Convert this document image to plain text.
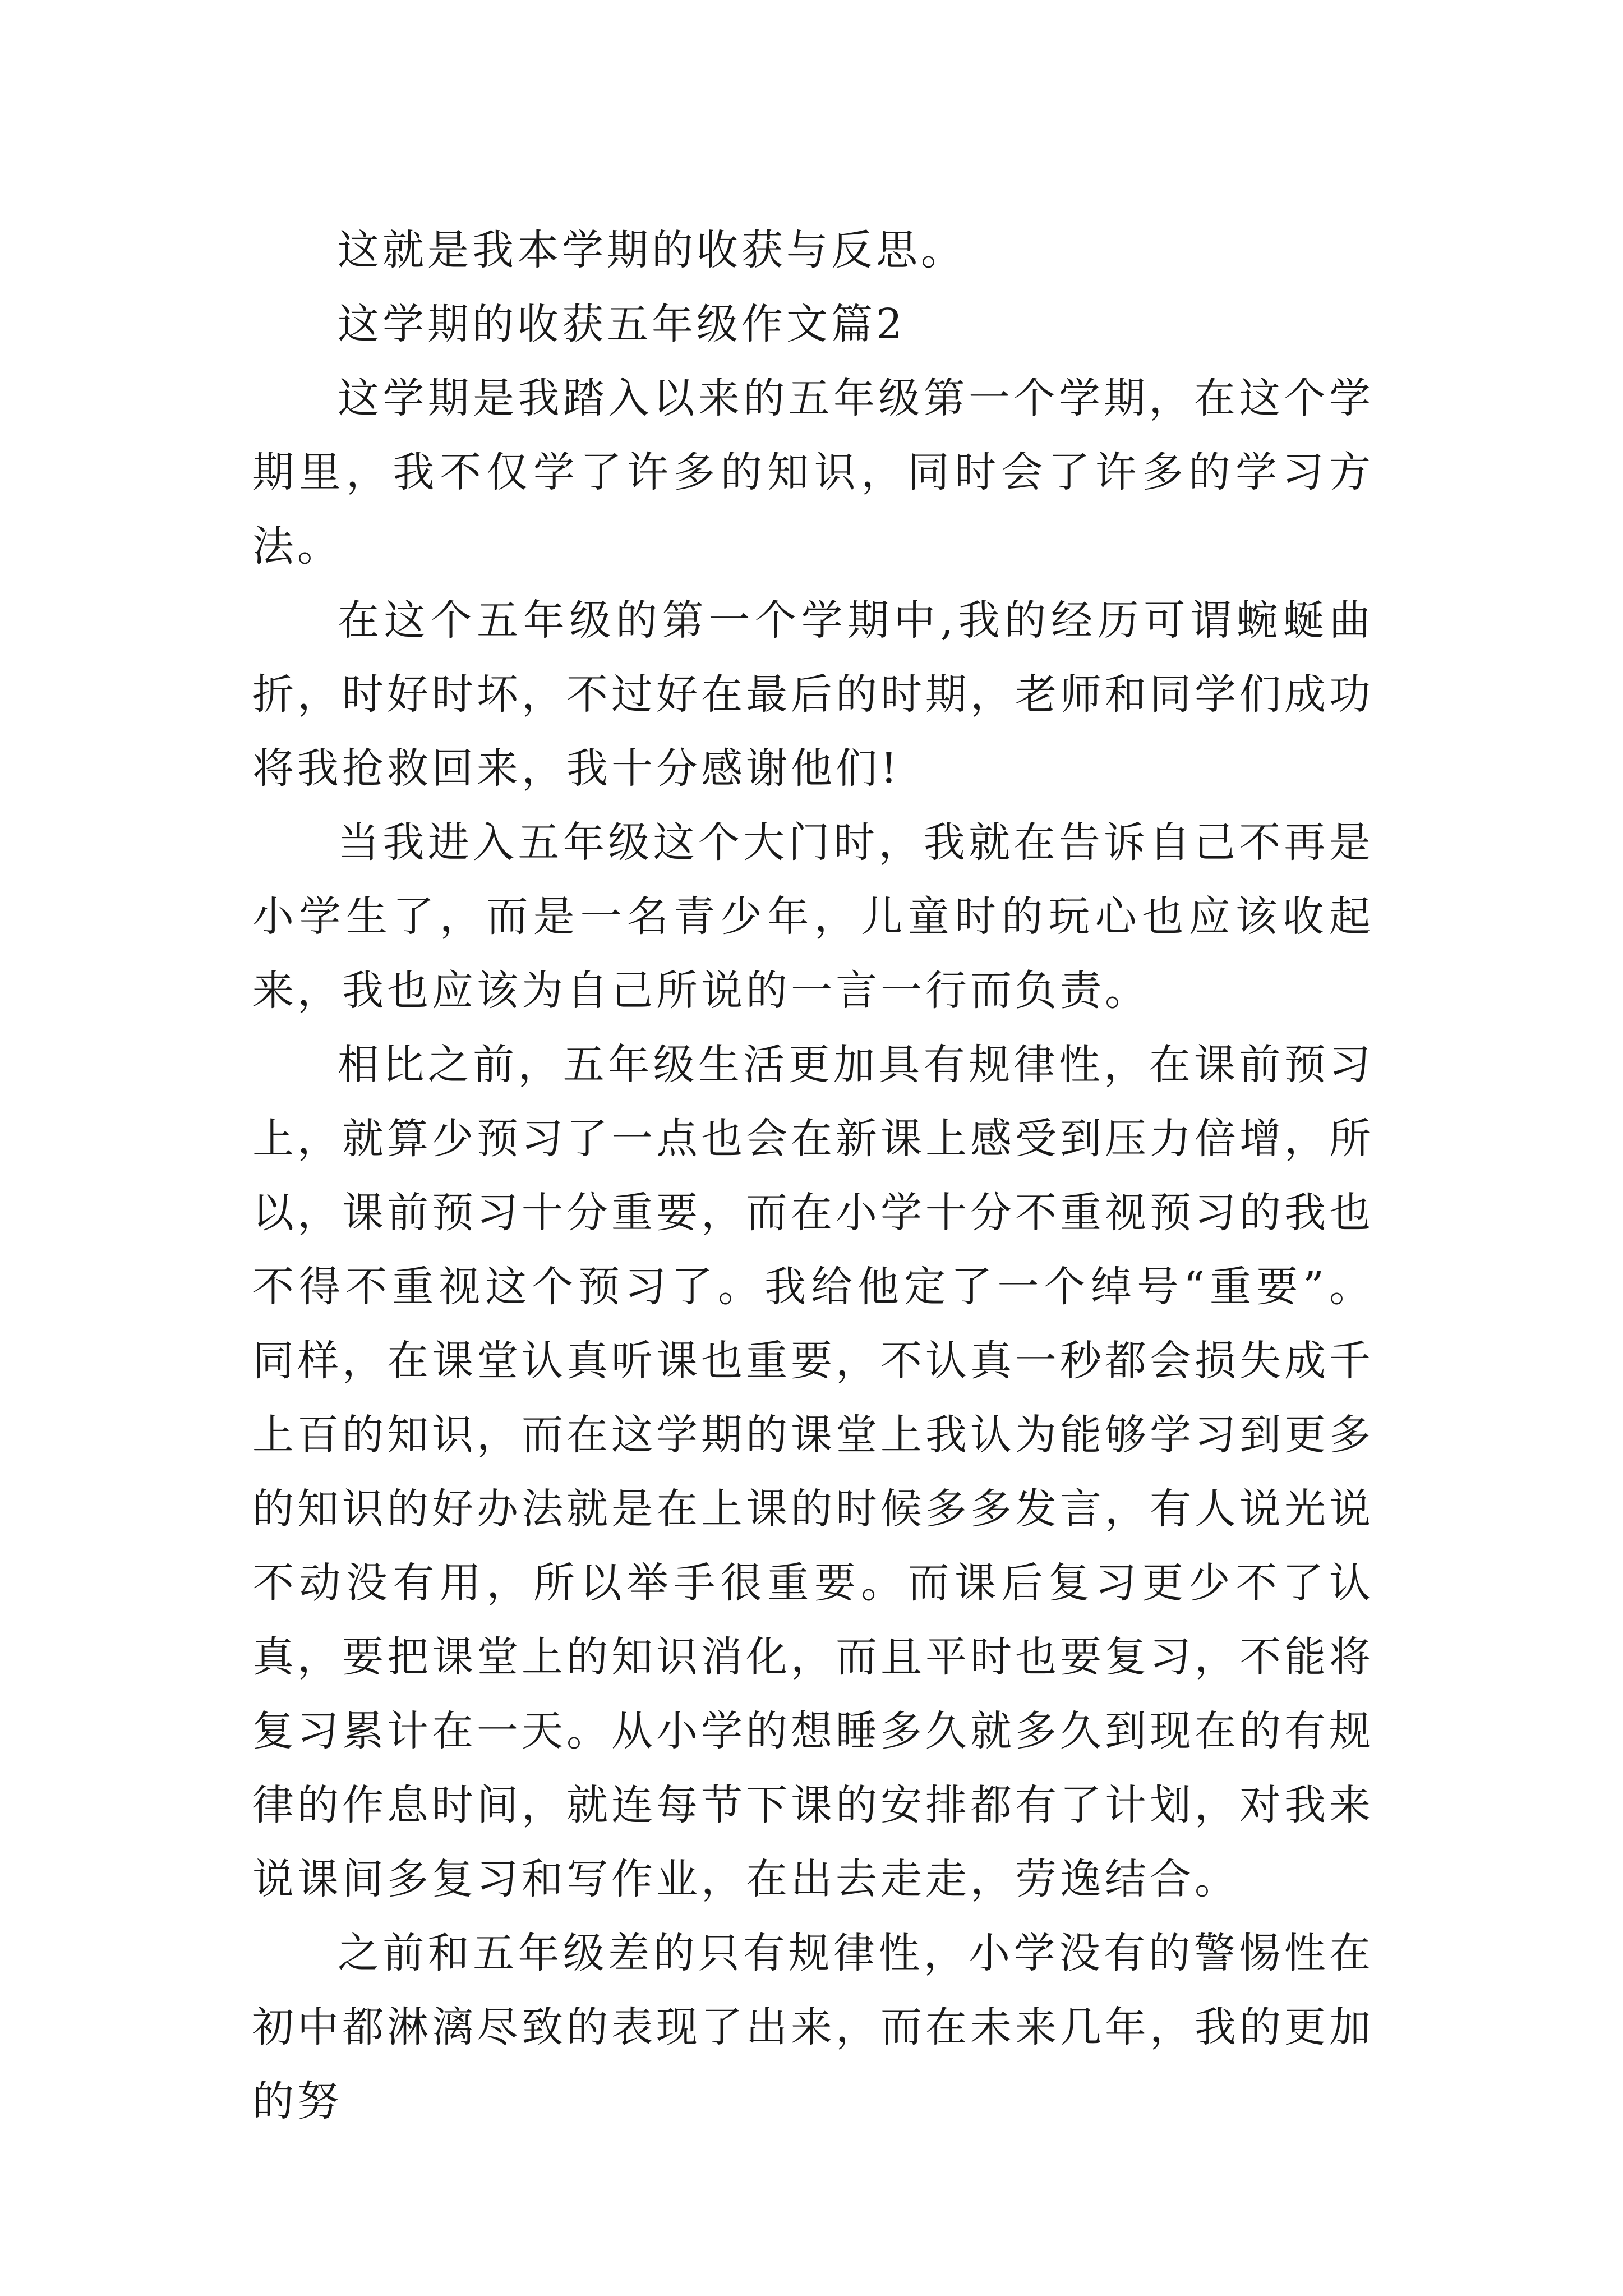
这就是我本学期的收获与反思。

这学期的收获五年级作文篇2

这学期是我踏入以来的五年级第一个学期，在这个学期里，我不仅学了许多的知识，同时会了许多的学习方法。

在这个五年级的第一个学期中,我的经历可谓蜿蜒曲折，时好时坏，不过好在最后的时期，老师和同学们成功将我抢救回来，我十分感谢他们!

当我进入五年级这个大门时，我就在告诉自己不再是小学生了，而是一名青少年，儿童时的玩心也应该收起来，我也应该为自己所说的一言一行而负责。

相比之前，五年级生活更加具有规律性，在课前预习上，就算少预习了一点也会在新课上感受到压力倍增，所以，课前预习十分重要，而在小学十分不重视预习的我也不得不重视这个预习了。我给他定了一个绰号“重要”。同样，在课堂认真听课也重要，不认真一秒都会损失成千上百的知识，而在这学期的课堂上我认为能够学习到更多的知识的好办法就是在上课的时候多多发言，有人说光说不动没有用，所以举手很重要。而课后复习更少不了认真，要把课堂上的知识消化，而且平时也要复习，不能将复习累计在一天。从小学的想睡多久就多久到现在的有规律的作息时间，就连每节下课的安排都有了计划，对我来说课间多复习和写作业，在出去走走，劳逸结合。

之前和五年级差的只有规律性，小学没有的警惕性在初中都淋漓尽致的表现了出来，而在未来几年，我的更加的努
